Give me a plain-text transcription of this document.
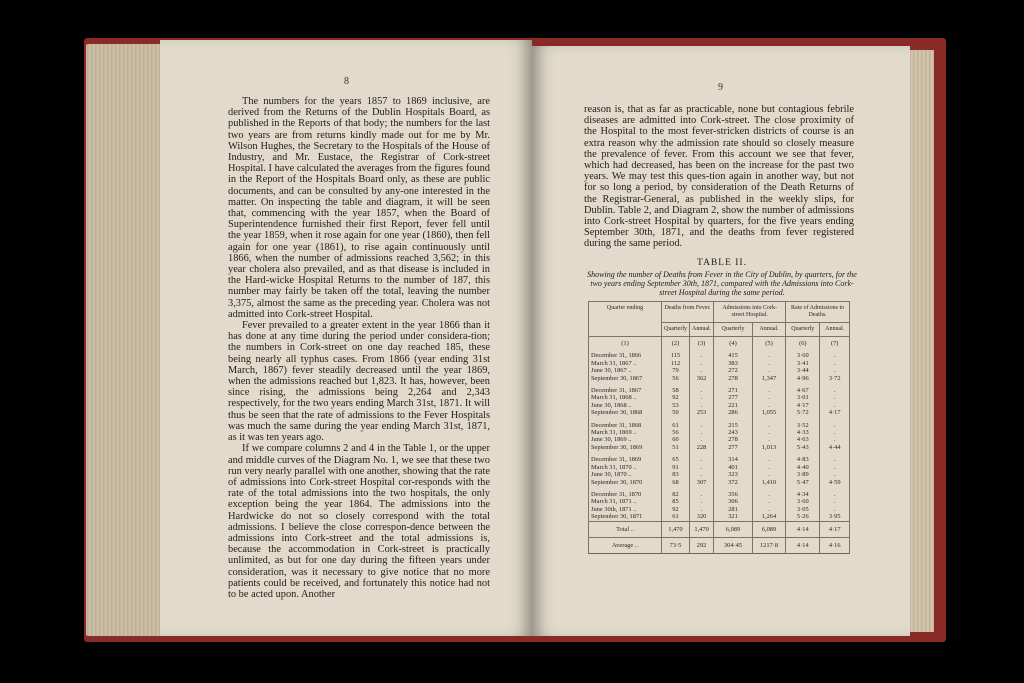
8

The numbers for the years 1857 to 1869 inclusive, are derived from the Returns of the Dublin Hospitals Board, as published in the Reports of that body; the numbers for the last two years are from returns kindly made out for me by Mr. Wilson Hughes, the Secretary to the Hospitals of the House of Industry, and Mr. Eustace, the Registrar of Cork-street Hospital. I have calculated the averages from the figures found in the Report of the Hospitals Board only, as these are public documents, and can be consulted by any-one interested in the matter. On inspecting the table and diagram, it will be seen that, commencing with the year 1857, when the Board of Superintendence furnished their first Report, fever fell until the year 1859, when it rose again for one year (1860), then fell again for one year (1861), to rise again continuously until 1866, when the number of admissions reached 3,562; in this year cholera also prevailed, and as that disease is included in the Hard-wicke Hospital Returns to the number of 187, this number may fairly be taken off the total, leaving the number 3,375, almost the same as the preceding year. Cholera was not admitted into Cork-street Hospital.

Fever prevailed to a greater extent in the year 1866 than it has done at any time during the period under considera-tion; the numbers in Cork-street on one day reached 185, these being nearly all typhus cases. From 1866 (year ending 31st March, 1867) fever steadily decreased until the year 1869, when the admissions reached but 1,823. It has, however, been since rising, the admissions being 2,264 and 2,343 respectively, for the two years ending March 31st, 1871. It will thus be seen that the rate of admissions to the Fever Hospitals was much the same during the year ending March 31st, 1871, as it was ten years ago.

If we compare columns 2 and 4 in the Table 1, or the upper and middle curves of the Diagram No. 1, we see that these two run very nearly parallel with one another, showing that the rate of admissions into Cork-street Hospital cor-responds with the rate of the total admissions into the two hospitals, the only exception being the year 1864. The admissions into the Hardwicke do not so closely correspond with the total admissions. I believe the close correspon-dence between the admissions into Cork-street and the total admissions is, because the accommodation in Cork-street is practically unlimited, as but for one day during the fifteen years under consideration, was it necessary to give notice that no more patients could be received, and fortunately this notice had not to be acted upon. Another

9

reason is, that as far as practicable, none but contagious febrile diseases are admitted into Cork-street. The close proximity of the Hospital to the most fever-stricken districts of course is an extra reason why the admission rate should so closely measure the prevalence of fever. From this account we see that fever, which had decreased, has been on the increase for the past two years. We may test this ques-tion again in another way, but not for so long a period, by consideration of the Death Returns of the Registrar-General, as published in the weekly slips, for Dublin. Table 2, and Diagram 2, show the number of admissions into Cork-street Hospital by quarters, for the five years ending September 30th, 1871, and the deaths from fever registered during the same period.

TABLE II.
Showing the number of Deaths from Fever in the City of Dublin, by quarters, for the two years ending September 30th, 1871, compared with the Admissions into Cork-street Hospital during the same period.
Quarter ending	Deaths from Fever.		Admissions into Cork-street Hospital.		Rate of Admissions to Deaths.	
	Quarterly	Annual.	Quarterly	Annual.	Quarterly	Annual.
(1)	(2)	(3)	(4)	(5)	(6)	(7)

December 31, 1866	115	.	415	.	3·60	.
March 31, 1867 ..	112	.	383	.	3·41	.
June 30, 1867 ..	79	.	272	.	3·44	.
September 30, 1867	56	362	278	1,347	4·96	3·72

December 31, 1867	58	.	271	.	4·67	.
March 31, 1868 ..	92	.	277	.	3·01	.
June 30, 1868 ..	53	.	221	.	4·17	.
September 30, 1868	50	253	286	1,055	5·72	4·17

December 31, 1868	61	.	215	.	3·52	.
March 31, 1869 ..	56	.	243	.	4·33	.
June 30, 1869 ..	60	.	278	.	4·63	.
September 30, 1869	51	228	277	1,013	5·43	4·44

December 31, 1869	65	.	314	.	4·83	.
March 31, 1870 ..	91	.	401	.	4·40	.
June 30, 1870 ..	83	.	323	.	3·89	.
September 30, 1870	68	307	372	1,410	5·47	4·59

December 31, 1870	82	.	356	.	4·34	.
March 31, 1871 ..	85	.	306	.	3·60	.
June 30th, 1871 ..	92	.	281	.	3·05	.
September 30, 1871	61	320	321	1,264	5·26	3·95
Total ..	1,470	1,470	6,089	6,089	4·14	4·17
Average ..	73·5	292	304·45	1217·8	4·14	4·16
